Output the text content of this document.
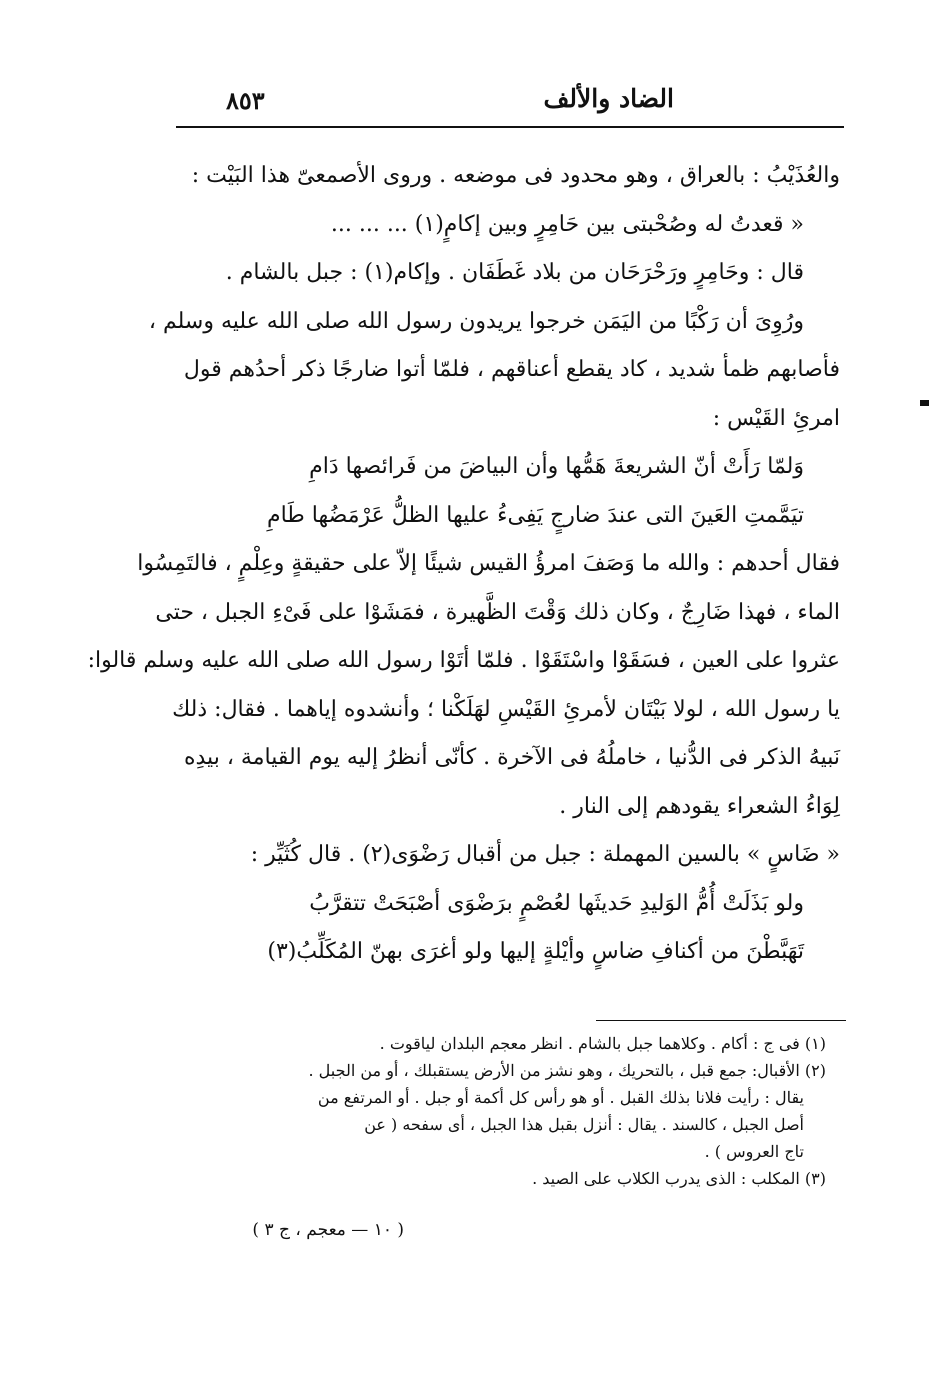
الضاد والألف
٨٥٣

والعُذَيْبُ : بالعراق ، وهو محدود فى موضعه . وروى الأصمعىّ هذا البَيْت :

« قعدتُ له وصُحْبتى بين حَامِرٍ وبين إكامٍ(١) ... ... ...

قال : وحَامِرٍ ورَحْرَحَان من بلاد غَطَفَان . وإكام(١) : جبل بالشام .

ورُوِىَ أن رَكْبًا من اليَمَن خرجوا يريدون رسول الله صلى الله عليه وسلم ،

فأصابهم ظمأ شديد ، كاد يقطع أعناقهم ، فلمّا أتوا ضارجًا ذكر أحدُهم قول

امرئِ القَيْس :

وَلمّا رَأَتْ أنّ الشريعةَ هَمُّها وأن البياضَ من فَرائصها دَامِ

تيَمَّمتِ العَينَ التى عندَ ضارجٍ يَفِىءُ عليها الظلُّ عَرْمَضُها طَامِ

فقال أحدهم : والله ما وَصَفَ امرؤُ القيس شيئًا إلاّ على حقيقةٍ وعِلْمٍ ، فالتَمِسُوا

الماء ، فهذا ضَارِجٌ ، وكان ذلك وَقْتَ الظَّهيرة ، فمَشَوْا على فَىْءِ الجبل ، حتى

عثروا على العين ، فسَقَوْا واسْتَقَوْا . فلمّا أتَوْا رسول الله صلى الله عليه وسلم قالوا:

يا رسول الله ، لولا بَيْتَان لأمرئِ القَيْسِ لهَلَكْنا ؛ وأنشدوه إياهما . فقال: ذلك

نَبيهُ الذكر فى الدُّنيا ، خاملُهُ فى الآخرة . كأنّى أنظرُ إليه يوم القيامة ، بيدِه

لِوَاءُ الشعراء يقودهم إلى النار .

« ضَاسٍ » بالسين المهملة : جبل من أقبال رَضْوَى(٢) . قال كُثَيِّر :

ولو بَذَلَتْ أُمُّ الوَليدِ حَديثَها لعُصْمٍ برَضْوَى أصْبَحَتْ تتقرَّبُ

تَهَبَّطْنَ من أكنافِ ضاسٍ وأيْلةٍ إليها ولو أغرَى بهنّ المُكَلِّبُ(٣)

(١) فى ج : أكام . وكلاهما جبل بالشام . انظر معجم البلدان لياقوت .

(٢) الأقبال: جمع قبل ، بالتحريك ، وهو نشز من الأرض يستقبلك ، أو من الجبل .

يقال : رأيت فلانا بذلك القبل . أو هو رأس كل أكمة أو جبل . أو المرتفع من

أصل الجبل ، كالسند . يقال : أنزل بقبل هذا الجبل ، أى سفحه ( عن

تاج العروس ) .

(٣) المكلب : الذى يدرب الكلاب على الصيد .

( ١٠ — معجم ، ج ٣ )
